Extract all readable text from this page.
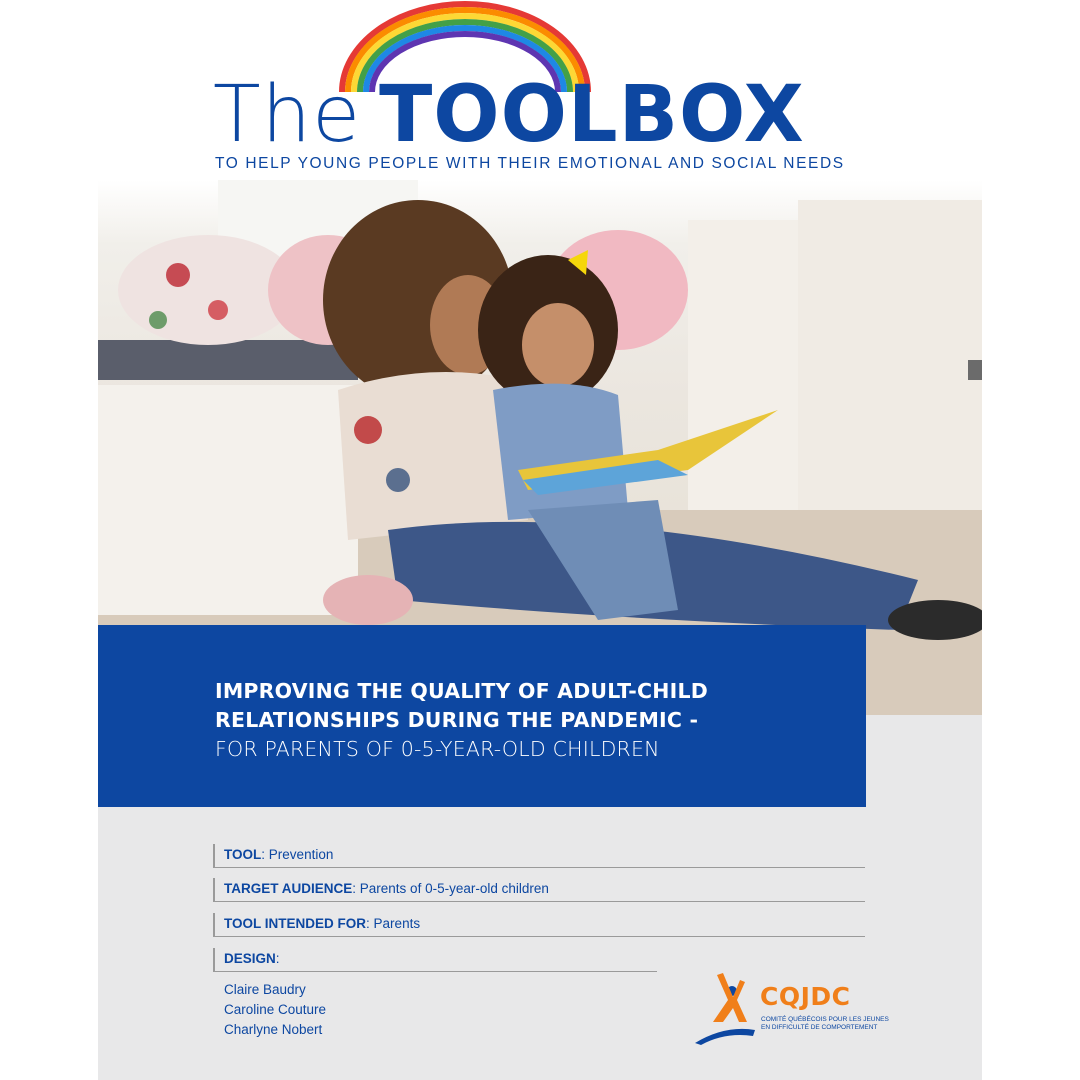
The TOOLBOX
TO HELP YOUNG PEOPLE WITH THEIR EMOTIONAL AND SOCIAL NEEDS
IMPROVING THE QUALITY OF ADULT-CHILD
RELATIONSHIPS DURING THE PANDEMIC -
FOR PARENTS OF 0-5-YEAR-OLD CHILDREN
TOOL: Prevention
TARGET AUDIENCE: Parents of 0-5-year-old children
TOOL INTENDED FOR: Parents
DESIGN:
Claire Baudry
Caroline Couture
Charlyne Nobert
CQJDC
COMITÉ QUÉBÉCOIS POUR LES JEUNES
EN DIFFICULTÉ DE COMPORTEMENT
